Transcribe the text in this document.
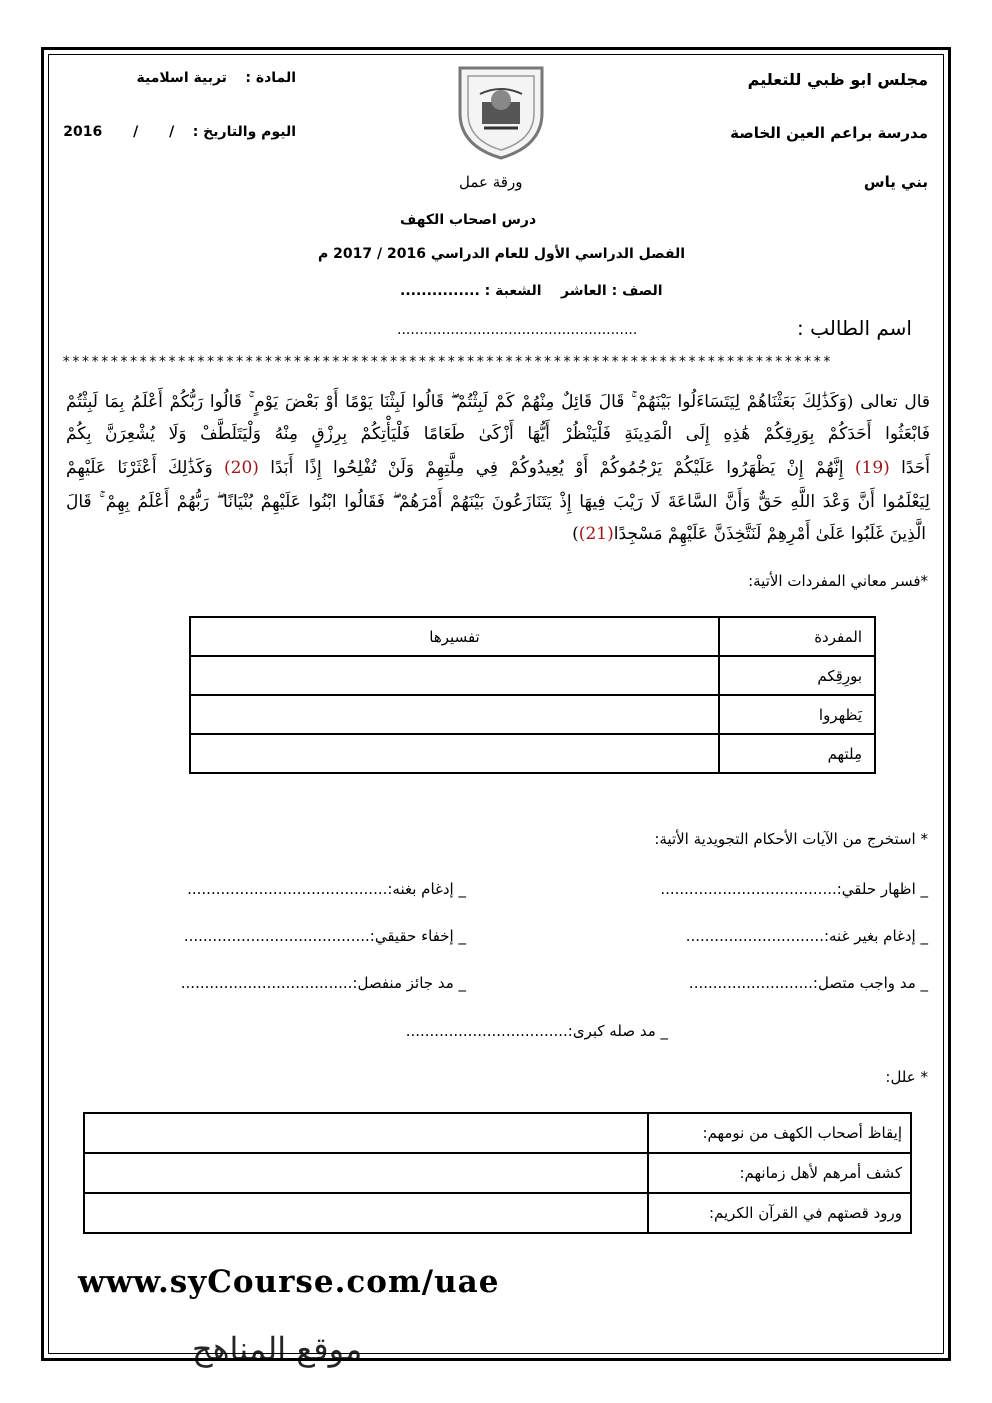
مجلس ابو ظبي للتعليم
مدرسة براعم العين الخاصة
بني ياس
المادة : تربية اسلامية
اليوم والتاريخ : / / 2016
ورقة عمل
درس اصحاب الكهف
الفصل الدراسي الأول للعام الدراسي 2016 / 2017 م
الصف : العاشر    الشعبة : ...............
اسم الطالب :
......................................................
********************************************************************************
قال تعالى (وَكَذَٰلِكَ بَعَثْنَاهُمْ لِيَتَسَاءَلُوا بَيْنَهُمْ ۚ قَالَ قَائِلٌ مِنْهُمْ كَمْ لَبِثْتُمْ ۖ قَالُوا لَبِثْنَا يَوْمًا أَوْ بَعْضَ يَوْمٍ ۚ قَالُوا رَبُّكُمْ أَعْلَمُ بِمَا لَبِثْتُمْ
فَابْعَثُوا أَحَدَكُمْ بِوَرِقِكُمْ هَٰذِهِ إِلَى الْمَدِينَةِ فَلْيَنْظُرْ أَيُّهَا أَزْكَىٰ طَعَامًا فَلْيَأْتِكُمْ بِرِزْقٍ مِنْهُ وَلْيَتَلَطَّفْ وَلَا يُشْعِرَنَّ بِكُمْ
أَحَدًا (19) إِنَّهُمْ إِنْ يَظْهَرُوا عَلَيْكُمْ يَرْجُمُوكُمْ أَوْ يُعِيدُوكُمْ فِي مِلَّتِهِمْ وَلَنْ تُفْلِحُوا إِذًا أَبَدًا (20) وَكَذَٰلِكَ أَعْثَرْنَا عَلَيْهِمْ
لِيَعْلَمُوا أَنَّ وَعْدَ اللَّهِ حَقٌّ وَأَنَّ السَّاعَةَ لَا رَيْبَ فِيهَا إِذْ يَتَنَازَعُونَ بَيْنَهُمْ أَمْرَهُمْ ۖ فَقَالُوا ابْنُوا عَلَيْهِمْ بُنْيَانًا ۖ رَبُّهُمْ أَعْلَمُ بِهِمْ ۚ قَالَ
الَّذِينَ غَلَبُوا عَلَىٰ أَمْرِهِمْ لَنَتَّخِذَنَّ عَلَيْهِمْ مَسْجِدًا(21))
*فسر معاني المفردات الأتية:
المفردة	تفسيرها
بورِقِكم	
يَظهروا	
مِلتهم	
* استخرج من الآيات الأحكام التجويدية الأتية:
_ اظهار حلقي:.....................................
_ إدغام بغنه:..........................................
_ إدغام بغير غنه:.............................
_ إخفاء حقيقي:.......................................
_ مد واجب متصل:..........................
_ مد جائز منفصل:....................................
_ مد صله كبرى:..................................
* علل:
إيقاظ أصحاب الكهف من نومهم:	
كشف أمرهم لأهل زمانهم:	
ورود قصتهم في القرآن الكريم:	
www.syCourse.com/uae
موقع المناهج
